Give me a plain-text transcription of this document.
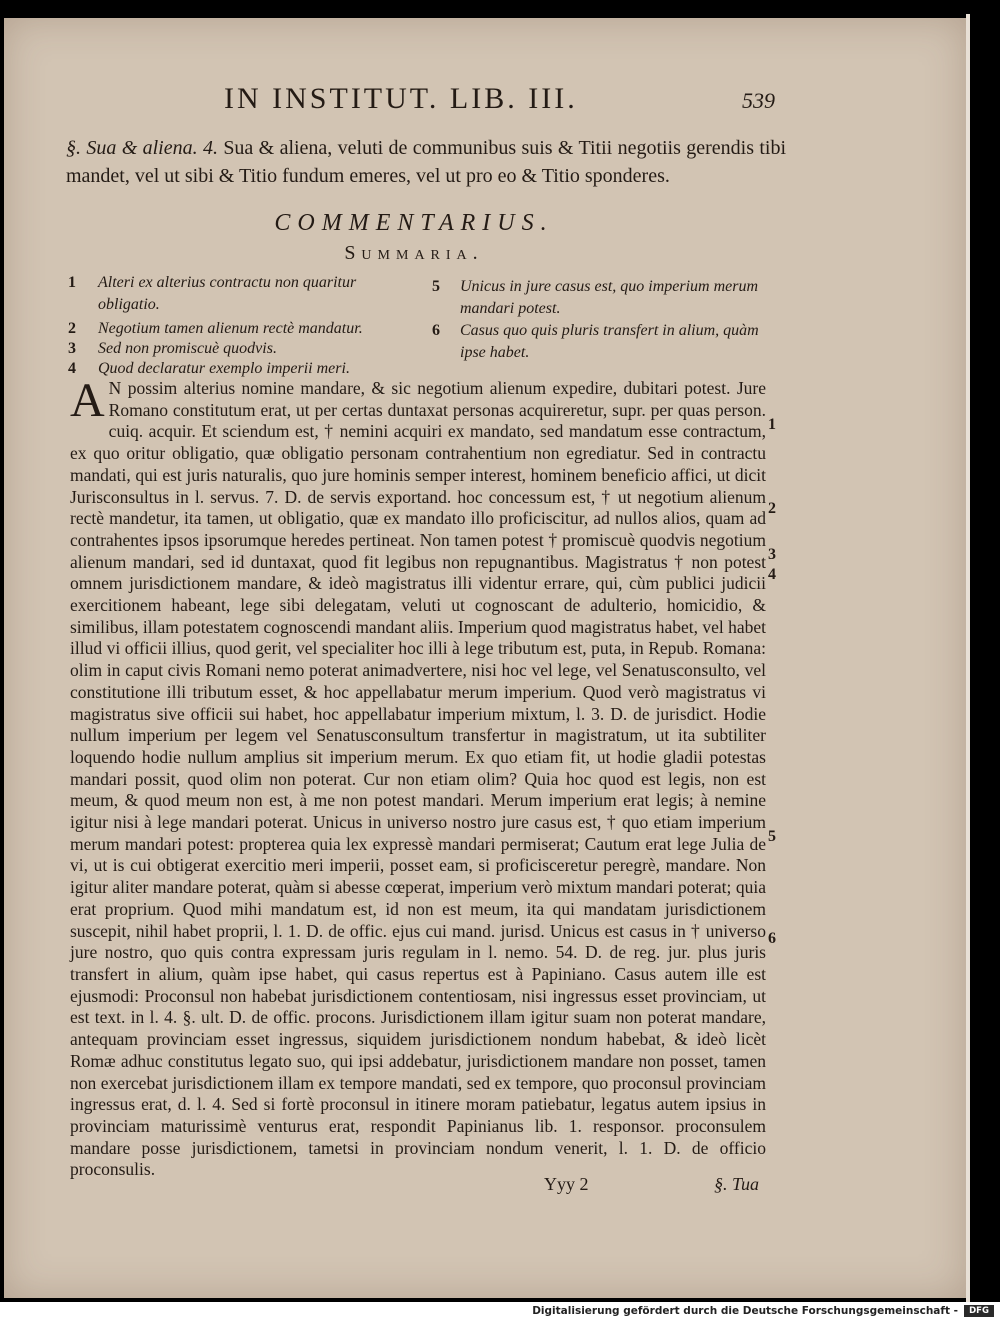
IN INSTITUT. LIB. III.	539
§. Sua & aliena. 4. Sua & aliena, veluti de communibus suis & Titii negotiis gerendis tibi mandet, vel ut sibi & Titio fundum emeres, vel ut pro eo & Titio sponderes.
COMMENTARIUS.
Summaria.
1 Alteri ex alterius contractu non quaritur obligatio.
2 Negotium tamen alienum rectè mandatur.
3 Sed non promiscuè quodvis.
4 Quod declaratur exemplo imperii meri.
5 Unicus in jure casus est, quo imperium merum mandari potest.
6 Casus quo quis pluris transfert in alium, quàm ipse habet.
A N possim alterius nomine mandare, & sic negotium alienum expedire, dubitari potest. Jure Romano constitutum erat, ut per certas duntaxat personas acquireretur, supr. per quas person. cuiq. acquir. Et sciendum est, † nemini acquiri ex mandato, sed mandatum esse contractum, ex quo oritur obligatio, quæ obligatio personam contrahentium non egrediatur. Sed in contractu mandati, qui est juris naturalis, quo jure hominis semper interest, hominem beneficio affici, ut dicit Jurisconsultus in l. servus. 7. D. de servis exportand. hoc concessum est, † ut negotium alienum rectè mandetur, ita tamen, ut obligatio, quæ ex mandato illo proficiscitur, ad nullos alios, quam ad contrahentes ipsos ipsorumque heredes pertineat. Non tamen potest † promiscuè quodvis negotium alienum mandari, sed id duntaxat, quod fit legibus non repugnantibus. Magistratus † non potest omnem jurisdictionem mandare, & ideò magistratus illi videntur errare, qui, cùm publici judicii exercitionem habeant, lege sibi delegatam, veluti ut cognoscant de adulterio, homicidio, & similibus, illam potestatem cognoscendi mandant aliis. Imperium quod magistratus habet, vel habet illud vi officii illius, quod gerit, vel specialiter hoc illi à lege tributum est, puta, in Repub. Romana: olim in caput civis Romani nemo poterat animadvertere, nisi hoc vel lege, vel Senatusconsulto, vel constitutione illi tributum esset, & hoc appellabatur merum imperium. Quod verò magistratus vi magistratus sive officii sui habet, hoc appellabatur imperium mixtum, l. 3. D. de jurisdict. Hodie nullum imperium per legem vel Senatusconsultum transfertur in magistratum, ut ita subtiliter loquendo hodie nullum amplius sit imperium merum. Ex quo etiam fit, ut hodie gladii potestas mandari possit, quod olim non poterat. Cur non etiam olim? Quia hoc quod est legis, non est meum, & quod meum non est, à me non potest mandari. Merum imperium erat legis; à nemine igitur nisi à lege mandari poterat. Unicus in universo nostro jure casus est, † quo etiam imperium merum mandari potest: propterea quia lex expressè mandari permiserat; Cautum erat lege Julia de vi, ut is cui obtigerat exercitio meri imperii, posset eam, si proficisceretur peregrè, mandare. Non igitur aliter mandare poterat, quàm si abesse cœperat, imperium verò mixtum mandari poterat; quia erat proprium. Quod mihi mandatum est, id non est meum, ita qui mandatam jurisdictionem suscepit, nihil habet proprii, l. 1. D. de offic. ejus cui mand. jurisd. Unicus est casus in † universo jure nostro, quo quis contra expressam juris regulam in l. nemo. 54. D. de reg. jur. plus juris transfert in alium, quàm ipse habet, qui casus repertus est à Papiniano. Casus autem ille est ejusmodi: Proconsul non habebat jurisdictionem contentiosam, nisi ingressus esset provinciam, ut est text. in l. 4. §. ult. D. de offic. procons. Jurisdictionem illam igitur suam non poterat mandare, antequam provinciam esset ingressus, siquidem jurisdictionem nondum habebat, & ideò licèt Romæ adhuc constitutus legato suo, qui ipsi addebatur, jurisdictionem mandare non posset, tamen non exercebat jurisdictionem illam ex tempore mandati, sed ex tempore, quo proconsul provinciam ingressus erat, d. l. 4. Sed si fortè proconsul in itinere moram patiebatur, legatus autem ipsius in provinciam maturissimè venturus erat, respondit Papinianus lib. 1. responsor. proconsulem mandare posse jurisdictionem, tametsi in provinciam nondum venerit, l. 1. D. de officio proconsulis.
1
2
3
4
5
6
Yyy 2	§. Tua
Digitalisierung gefördert durch die Deutsche Forschungsgemeinschaft -	DFG
